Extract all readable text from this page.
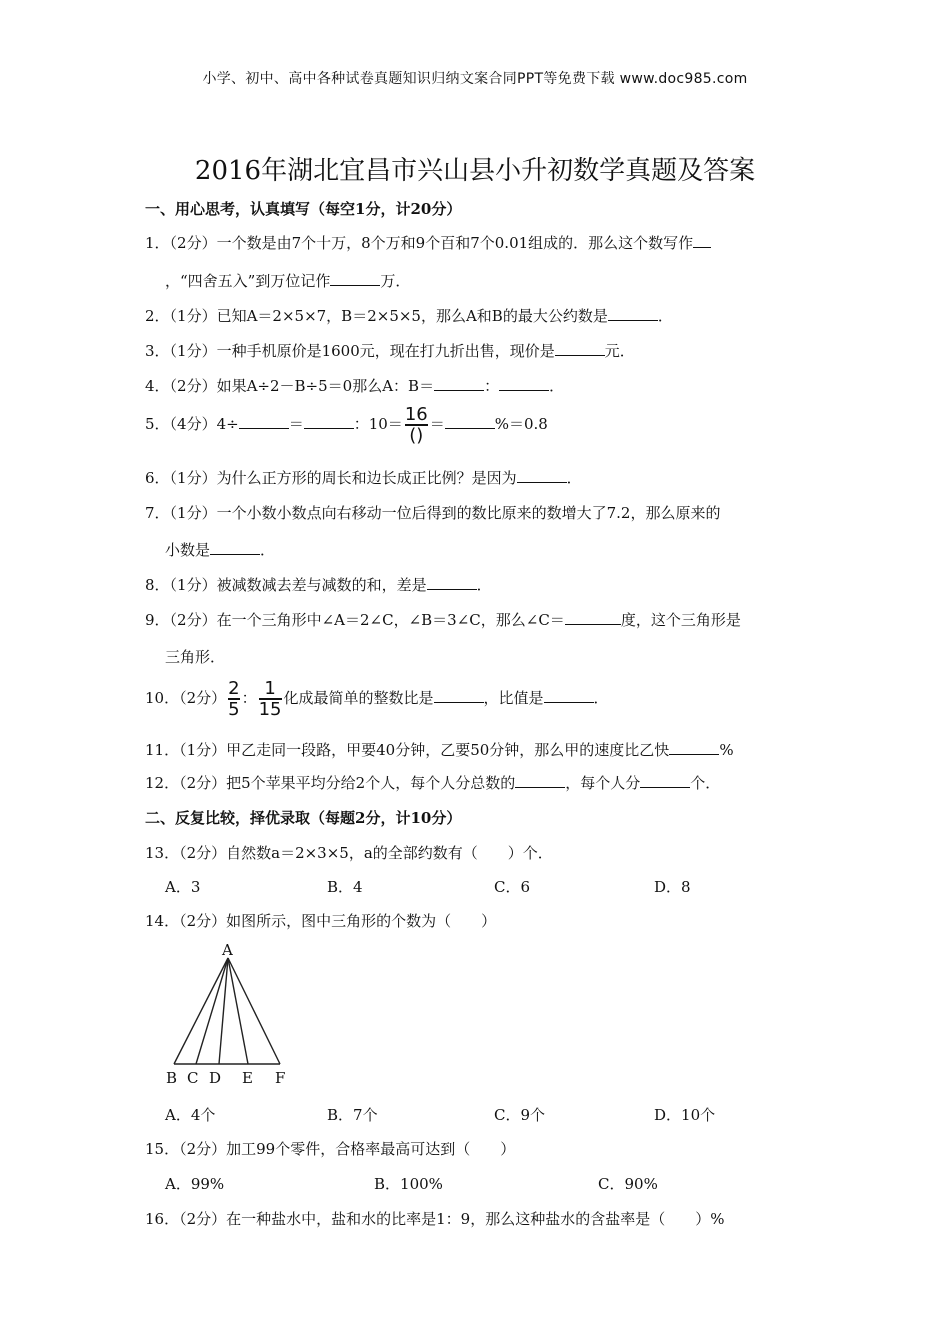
小学、初中、高中各种试卷真题知识归纳文案合同PPT等免费下载 www.doc985.com
2016年湖北宜昌市兴山县小升初数学真题及答案
一、用心思考，认真填写（每空1分，计20分）
1．（2分）一个数是由7个十万，8个万和9个百和7个0.01组成的．那么这个数写作
，“四舍五入”到万位记作	万．
2．（1分）已知A＝2×5×7，B＝2×5×5，那么A和B的最大公约数是	．
3．（1分）一种手机原价是1600元，现在打九折出售，现价是	元．
4．（2分）如果A÷2－B÷5＝0那么A：B＝	：	．
5．（4分）4÷	＝	：$10= \frac{16}{()}$ ＝	%＝0.8
6．（1分）为什么正方形的周长和边长成正比例？是因为	．
7．（1分）一个小数小数点向右移动一位后得到的数比原来的数增大了7.2，那么原来的
小数是	．
8．（1分）被减数减去差与减数的和，差是	．
9．（2分）在一个三角形中∠A＝2∠C，∠B＝3∠C，那么∠C＝	度，这个三角形是
三角形．
10．（2分） $\frac{2}{5}$ ： $\frac{1}{15}$ 化成最简单的整数比是	，比值是	．
11．（1分）甲乙走同一段路，甲要40分钟，乙要50分钟，那么甲的速度比乙快	%
12．（2分）把5个苹果平均分给2个人，每个人分总数的	，每个人分	个．
二、反复比较，择优录取（每题2分，计10分）
13．（2分）自然数a＝2×3×5，a的全部约数有（　　）个．
A．3	B．4	C．6	D．8
14．（2分）如图所示，图中三角形的个数为（　　）
A
B C D E F
A．4个	B．7个	C．9个	D．10个
15．（2分）加工99个零件，合格率最高可达到（　　）
A．99%	B．100%	C．90%
16．（2分）在一种盐水中，盐和水的比率是1：9，那么这种盐水的含盐率是（　　）%
